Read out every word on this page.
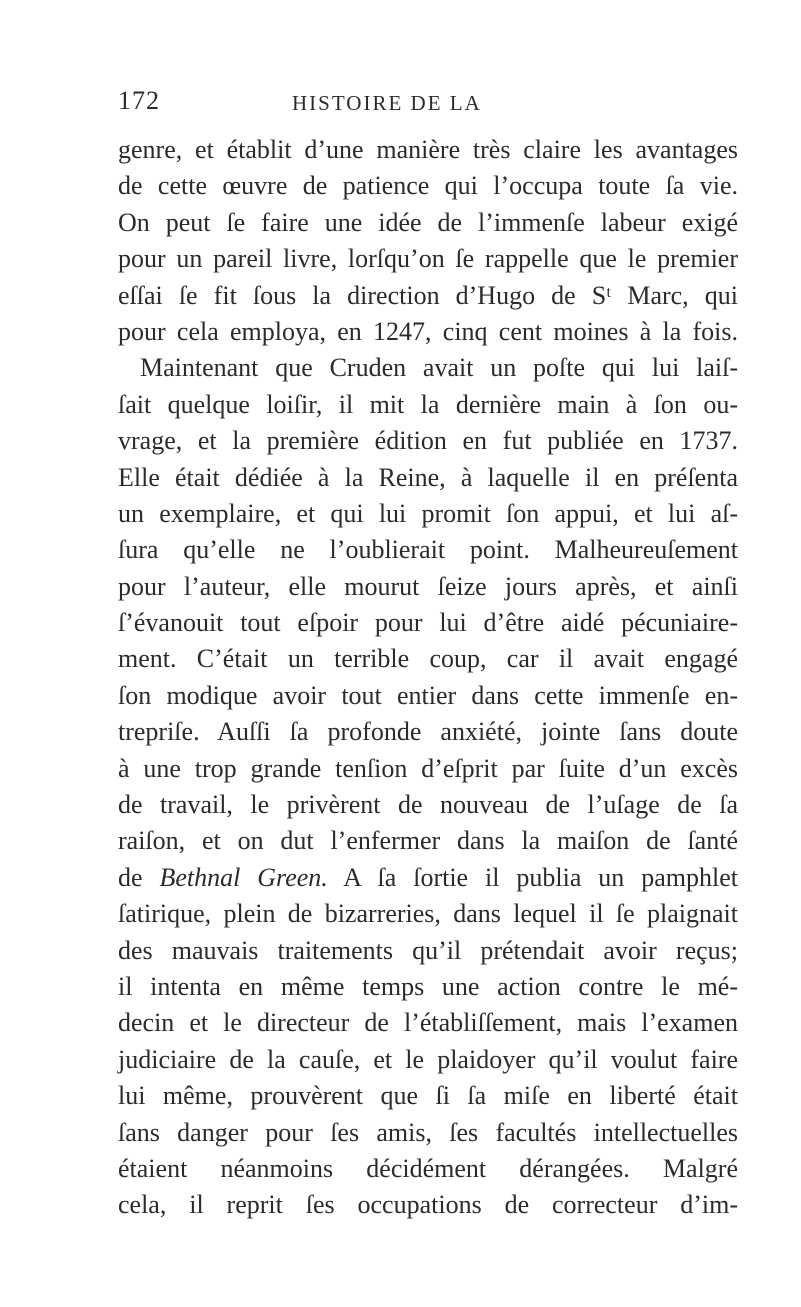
172	HISTOIRE DE LA
genre, et établit d’une manière très claire les avantages
de cette œuvre de patience qui l’occupa toute ſa vie.
On peut ſe faire une idée de l’immenſe labeur exigé
pour un pareil livre, lorſqu’on ſe rappelle que le premier
eſſai ſe fit ſous la direction d’Hugo de Sᵗ Marc, qui
pour cela employa, en 1247, cinq cent moines à la fois.
Maintenant que Cruden avait un poſte qui lui laiſ-
ſait quelque loiſir, il mit la dernière main à ſon ou-
vrage, et la première édition en fut publiée en 1737.
Elle était dédiée à la Reine, à laquelle il en préſenta
un exemplaire, et qui lui promit ſon appui, et lui aſ-
ſura qu’elle ne l’oublierait point. Malheureuſement
pour l’auteur, elle mourut ſeize jours après, et ainſi
ſ’évanouit tout eſpoir pour lui d’être aidé pécuniaire-
ment. C’était un terrible coup, car il avait engagé
ſon modique avoir tout entier dans cette immenſe en-
trepriſe. Auſſi ſa profonde anxiété, jointe ſans doute
à une trop grande tenſion d’eſprit par ſuite d’un excès
de travail, le privèrent de nouveau de l’uſage de ſa
raiſon, et on dut l’enfermer dans la maiſon de ſanté
de Bethnal Green. A ſa ſortie il publia un pamphlet
ſatirique, plein de bizarreries, dans lequel il ſe plaignait
des mauvais traitements qu’il prétendait avoir reçus;
il intenta en même temps une action contre le mé-
decin et le directeur de l’établiſſement, mais l’examen
judiciaire de la cauſe, et le plaidoyer qu’il voulut faire
lui même, prouvèrent que ſi ſa miſe en liberté était
ſans danger pour ſes amis, ſes facultés intellectuelles
étaient néanmoins décidément dérangées. Malgré
cela, il reprit ſes occupations de correcteur d’im-
